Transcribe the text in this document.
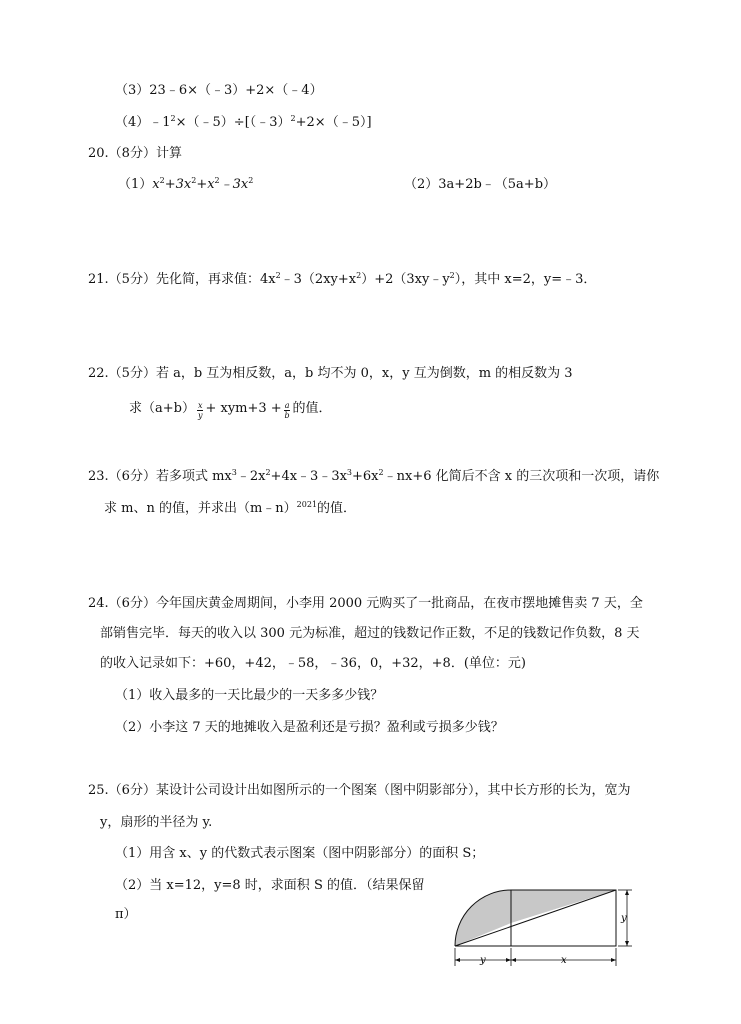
（3）23﹣6×（﹣3）+2×（﹣4）
$(4)﹣1^2\times(﹣5)\div[(﹣3)^2+2\times(﹣5)]$
20.（8分）计算
$(1)x^2+3x^2+x^2﹣3x^2$	（2）3a+2b﹣（5a+b）
21.（5分）先化简，再求值：$4x^2﹣3(2xy+x^2)+2(3xy﹣y^2)$，其中 x=2，y=﹣3．
22.（5分）若 a，b 互为相反数，a，b 均不为 0，x，y 互为倒数，m 的相反数为 3
求$(a+b) \frac{x}{y} + xym+3 + \frac{a}{b}$ 的值．
23.（6分）若多项式 $mx^3﹣2x^2+4x﹣3﹣3x^3+6x^2﹣nx+6$ 化简后不含 x 的三次项和一次项，请你
求 m、n 的值，并求出（m﹣n）$^{2021}$的值．
24.（6分）今年国庆黄金周期间，小李用 2000 元购买了一批商品，在夜市摆地摊售卖 7 天，全
部销售完毕．每天的收入以 300 元为标准，超过的钱数记作正数，不足的钱数记作负数，8 天
的收入记录如下：+60，+42，﹣58，﹣36，0，+32，+8．(单位：元)
（1）收入最多的一天比最少的一天多多少钱？
（2）小李这 7 天的地摊收入是盈利还是亏损？盈利或亏损多少钱？
25.（6分）某设计公司设计出如图所示的一个图案（图中阴影部分），其中长方形的长为，宽为
y，扇形的半径为 y.
（1）用含 x、y 的代数式表示图案（图中阴影部分）的面积 S；
（2）当 x=12，y=8 时，求面积 S 的值．（结果保留
π）
y	x
y
